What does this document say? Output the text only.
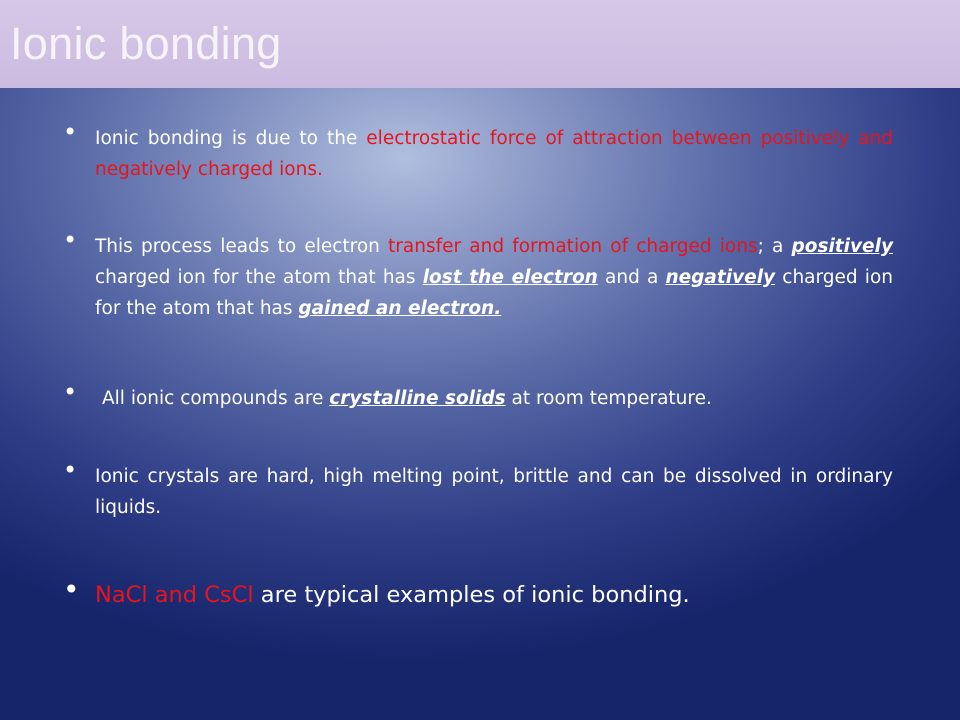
Ionic bonding
• Ionic bonding is due to the electrostatic force of attraction between positively and negatively charged ions.
• This process leads to electron transfer and formation of charged ions; a positively charged ion for the atom that has lost the electron and a negatively charged ion for the atom that has gained an electron.
• All ionic compounds are crystalline solids at room temperature.
• Ionic crystals are hard, high melting point, brittle and can be dissolved in ordinary liquids.
• NaCl and CsCl are typical examples of ionic bonding.
